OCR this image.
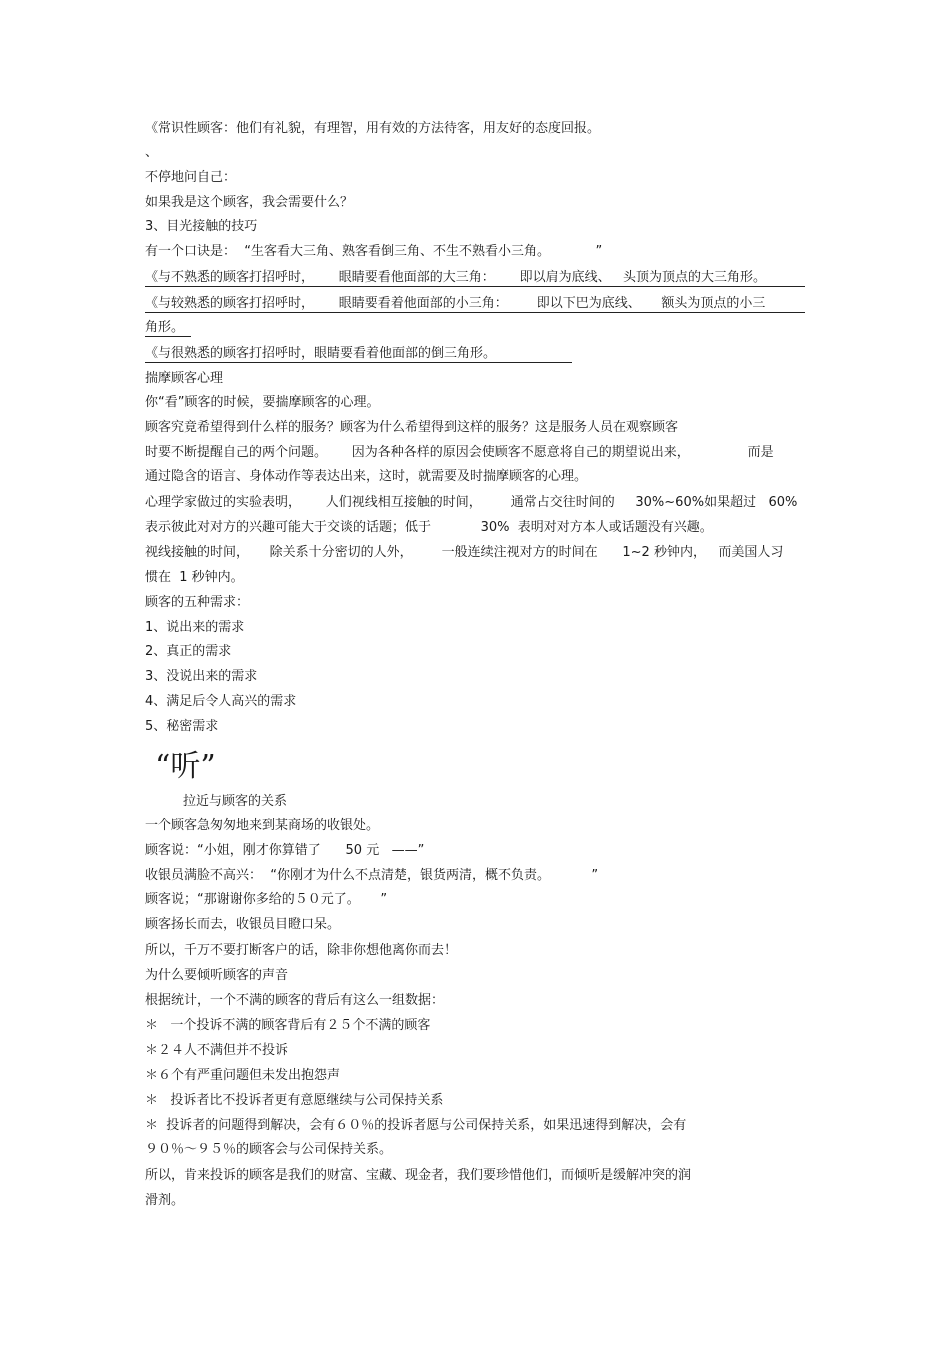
《常识性顾客：他们有礼貌，有理智，用有效的方法待客，用友好的态度回报。
、
不停地问自己：
如果我是这个顾客，我会需要什么？
3、目光接触的技巧
有一个口诀是：  “生客看大三角、熟客看倒三角、不生不熟看小三角。           ”
《与不熟悉的顾客打招呼时，      眼睛要看他面部的大三角：      即以肩为底线、   头顶为顶点的大三角形。
《与较熟悉的顾客打招呼时，      眼睛要看着他面部的小三角：       即以下巴为底线、     额头为顶点的小三
角形。
《与很熟悉的顾客打招呼时，眼睛要看着他面部的倒三角形。
揣摩顾客心理
你“看”顾客的时候，要揣摩顾客的心理。
顾客究竟希望得到什么样的服务？顾客为什么希望得到这样的服务？这是服务人员在观察顾客
时要不断提醒自己的两个问题。      因为各种各样的原因会使顾客不愿意将自己的期望说出来，              而是
通过隐含的语言、身体动作等表达出来，这时，就需要及时揣摩顾客的心理。
心理学家做过的实验表明，      人们视线相互接触的时间，       通常占交往时间的     30%~60%如果超过   60%
表示彼此对对方的兴趣可能大于交谈的话题；低于            30%  表明对对方本人或话题没有兴趣。
视线接触的时间，     除关系十分密切的人外，       一般连续注视对方的时间在      1~2 秒钟内，   而美国人习
惯在  1 秒钟内。
顾客的五种需求：
1、说出来的需求
2、真正的需求
3、没说出来的需求
4、满足后令人高兴的需求
5、秘密需求
“听”
拉近与顾客的关系
一个顾客急匆匆地来到某商场的收银处。
顾客说：“小姐，刚才你算错了      50 元   ——”
收银员满脸不高兴：  “你刚才为什么不点清楚，银货两清，概不负责。          ”
顾客说；“那谢谢你多给的５０元了。     ”
顾客扬长而去，收银员目瞪口呆。
所以，千万不要打断客户的话，除非你想他离你而去！
为什么要倾听顾客的声音
根据统计，一个不满的顾客的背后有这么一组数据：
＊   一个投诉不满的顾客背后有２５个不满的顾客
＊２４人不满但并不投诉
＊６个有严重问题但未发出抱怨声
＊   投诉者比不投诉者更有意愿继续与公司保持关系
＊  投诉者的问题得到解决，会有６０％的投诉者愿与公司保持关系，如果迅速得到解决，会有
９０％～９５％的顾客会与公司保持关系。
所以，肯来投诉的顾客是我们的财富、宝藏、现金者，我们要珍惜他们，而倾听是缓解冲突的润
滑剂。
